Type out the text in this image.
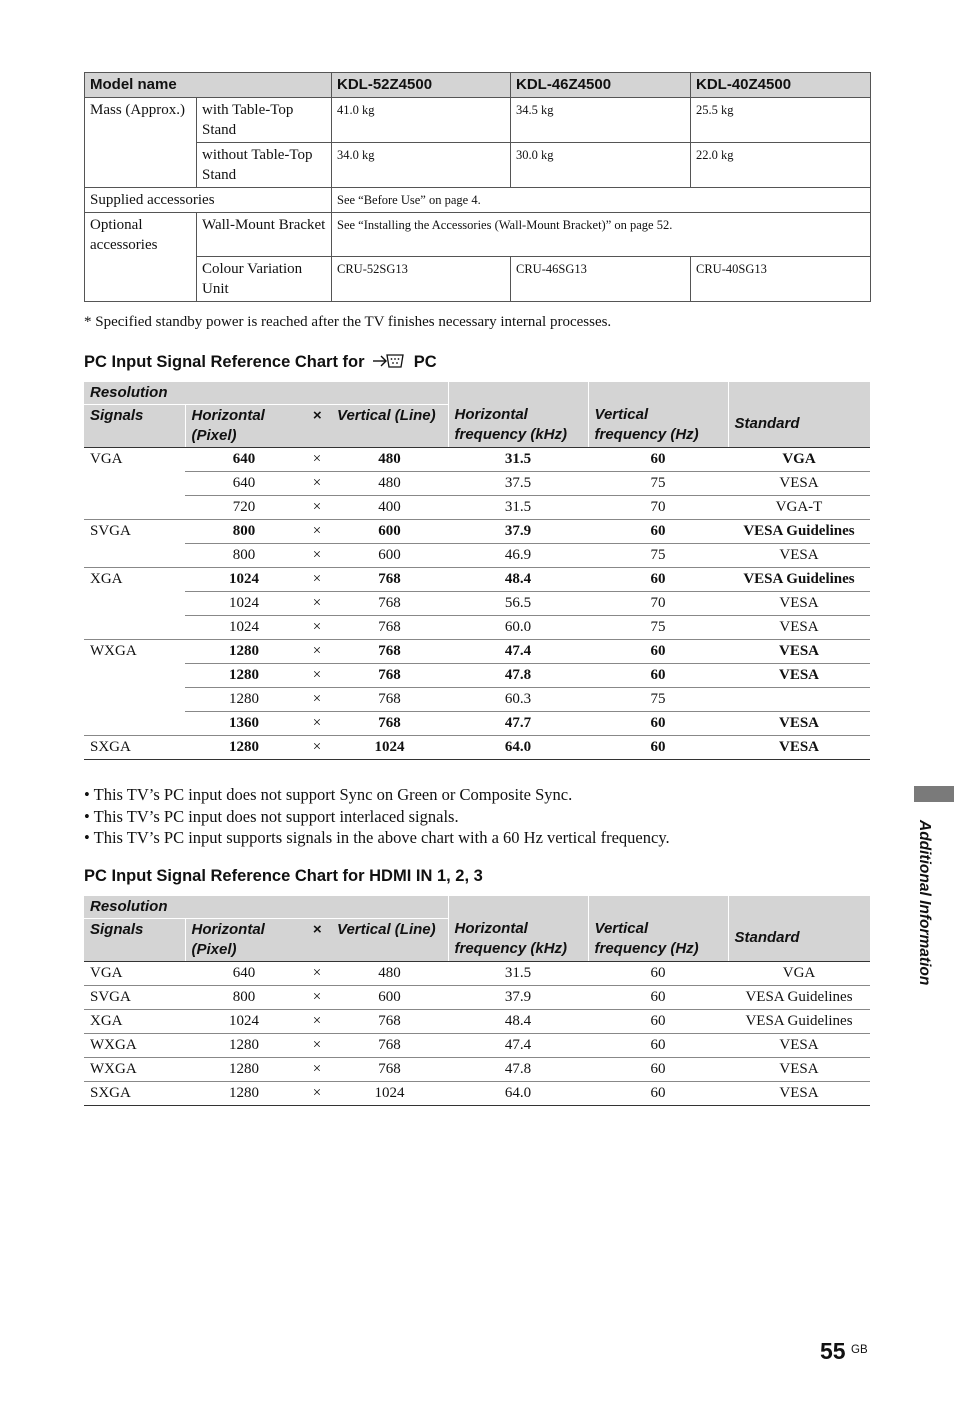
Model name		KDL-52Z4500	KDL-46Z4500	KDL-40Z4500
Mass (Approx.)	with Table-Top Stand	41.0 kg	34.5 kg	25.5 kg
	without Table-Top Stand	34.0 kg	30.0 kg	22.0 kg
Supplied accessories		See “Before Use” on page 4.		
Optional accessories	Wall-Mount Bracket	See “Installing the Accessories (Wall-Mount Bracket)” on page 52.		
	Colour Variation Unit	CRU-52SG13	CRU-46SG13	CRU-40SG13
* Specified standby power is reached after the TV finishes necessary internal processes.
PC Input Signal Reference Chart for	PC
Resolution				Horizontal frequency (kHz)	Vertical frequency (Hz)	Standard
Signals	Horizontal (Pixel)	×	Vertical (Line)			
VGA	640	×	480	31.5	60	VGA
	640	×	480	37.5	75	VESA
	720	×	400	31.5	70	VGA-T
SVGA	800	×	600	37.9	60	VESA Guidelines
	800	×	600	46.9	75	VESA
XGA	1024	×	768	48.4	60	VESA Guidelines
	1024	×	768	56.5	70	VESA
	1024	×	768	60.0	75	VESA
WXGA	1280	×	768	47.4	60	VESA
	1280	×	768	47.8	60	VESA
	1280	×	768	60.3	75	
	1360	×	768	47.7	60	VESA
SXGA	1280	×	1024	64.0	60	VESA
• This TV’s PC input does not support Sync on Green or Composite Sync.
• This TV’s PC input does not support interlaced signals.
• This TV’s PC input supports signals in the above chart with a 60 Hz vertical frequency.
PC Input Signal Reference Chart for HDMI IN 1, 2, 3
Resolution				Horizontal frequency (kHz)	Vertical frequency (Hz)	Standard
Signals	Horizontal (Pixel)	×	Vertical (Line)			
VGA	640	×	480	31.5	60	VGA
SVGA	800	×	600	37.9	60	VESA Guidelines
XGA	1024	×	768	48.4	60	VESA Guidelines
WXGA	1280	×	768	47.4	60	VESA
WXGA	1280	×	768	47.8	60	VESA
SXGA	1280	×	1024	64.0	60	VESA
Additional Information
55 GB
